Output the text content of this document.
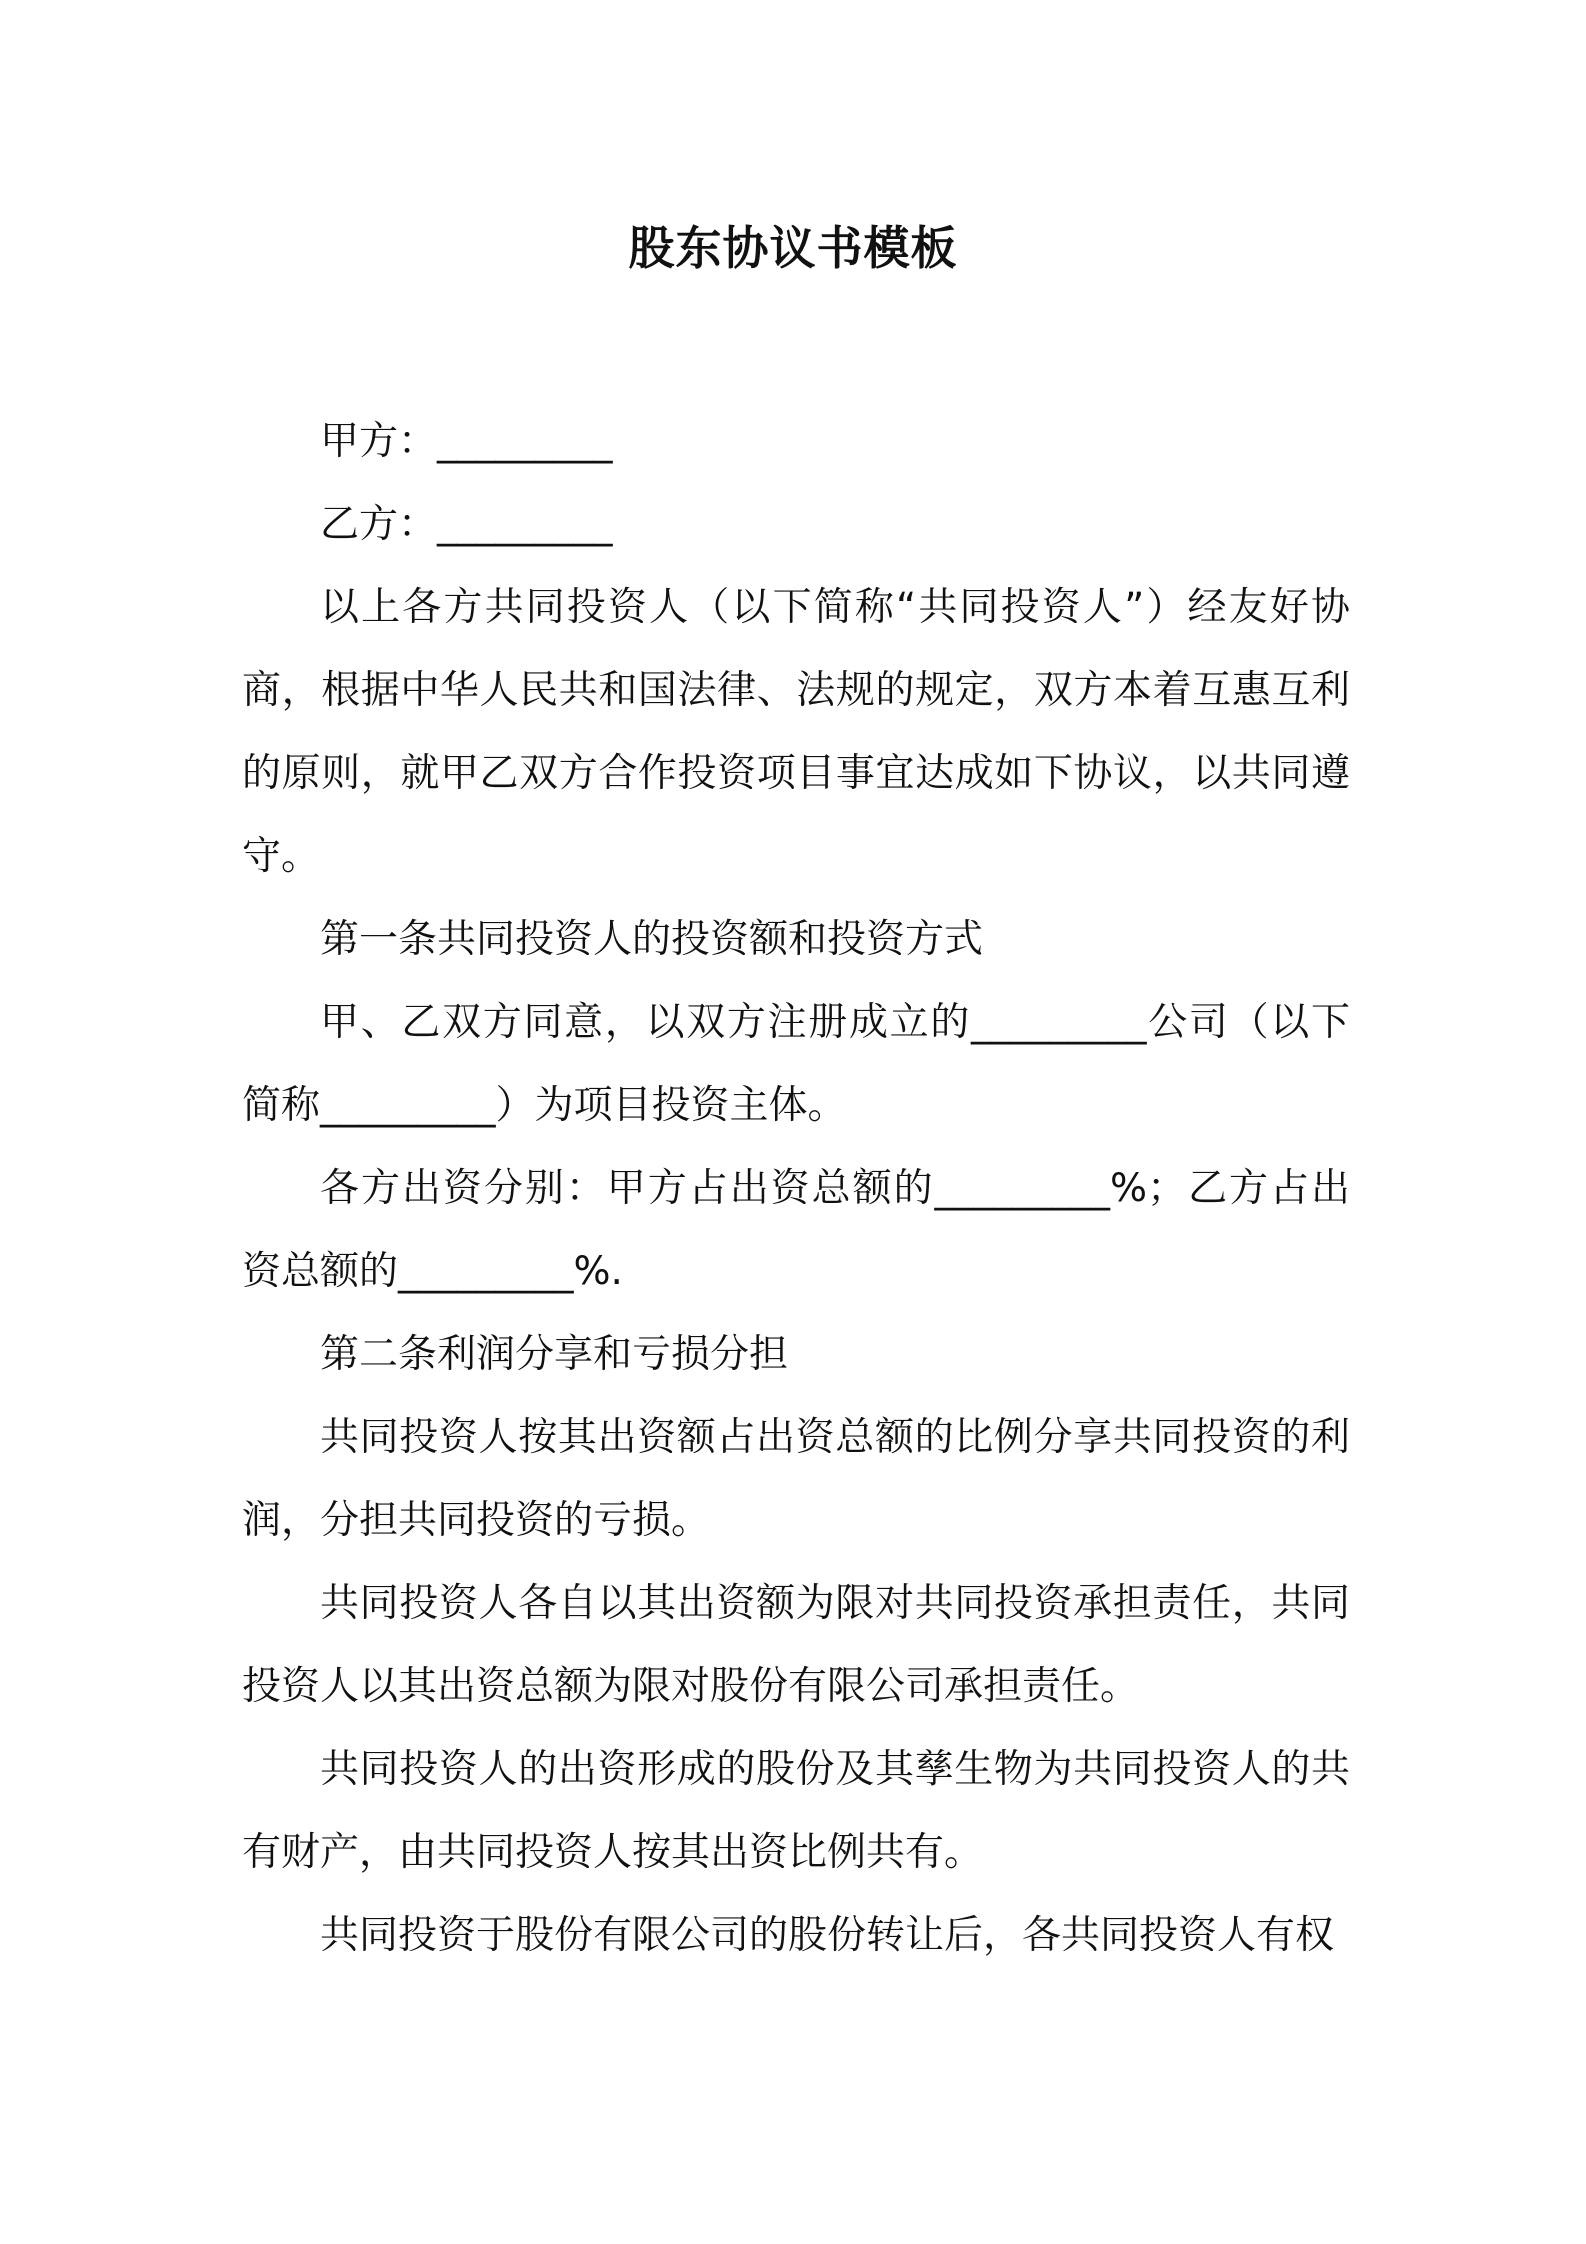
股东协议书模板

甲方：_________

乙方：_________

以上各方共同投资人（以下简称“共同投资人”）经友好协商，根据中华人民共和国法律、法规的规定，双方本着互惠互利的原则，就甲乙双方合作投资项目事宜达成如下协议，以共同遵守。

第一条共同投资人的投资额和投资方式

甲、乙双方同意，以双方注册成立的_________公司（以下简称_________）为项目投资主体。

各方出资分别：甲方占出资总额的_________%；乙方占出资总额的_________%.

第二条利润分享和亏损分担

共同投资人按其出资额占出资总额的比例分享共同投资的利润，分担共同投资的亏损。

共同投资人各自以其出资额为限对共同投资承担责任，共同投资人以其出资总额为限对股份有限公司承担责任。

共同投资人的出资形成的股份及其孳生物为共同投资人的共有财产，由共同投资人按其出资比例共有。

共同投资于股份有限公司的股份转让后，各共同投资人有权
